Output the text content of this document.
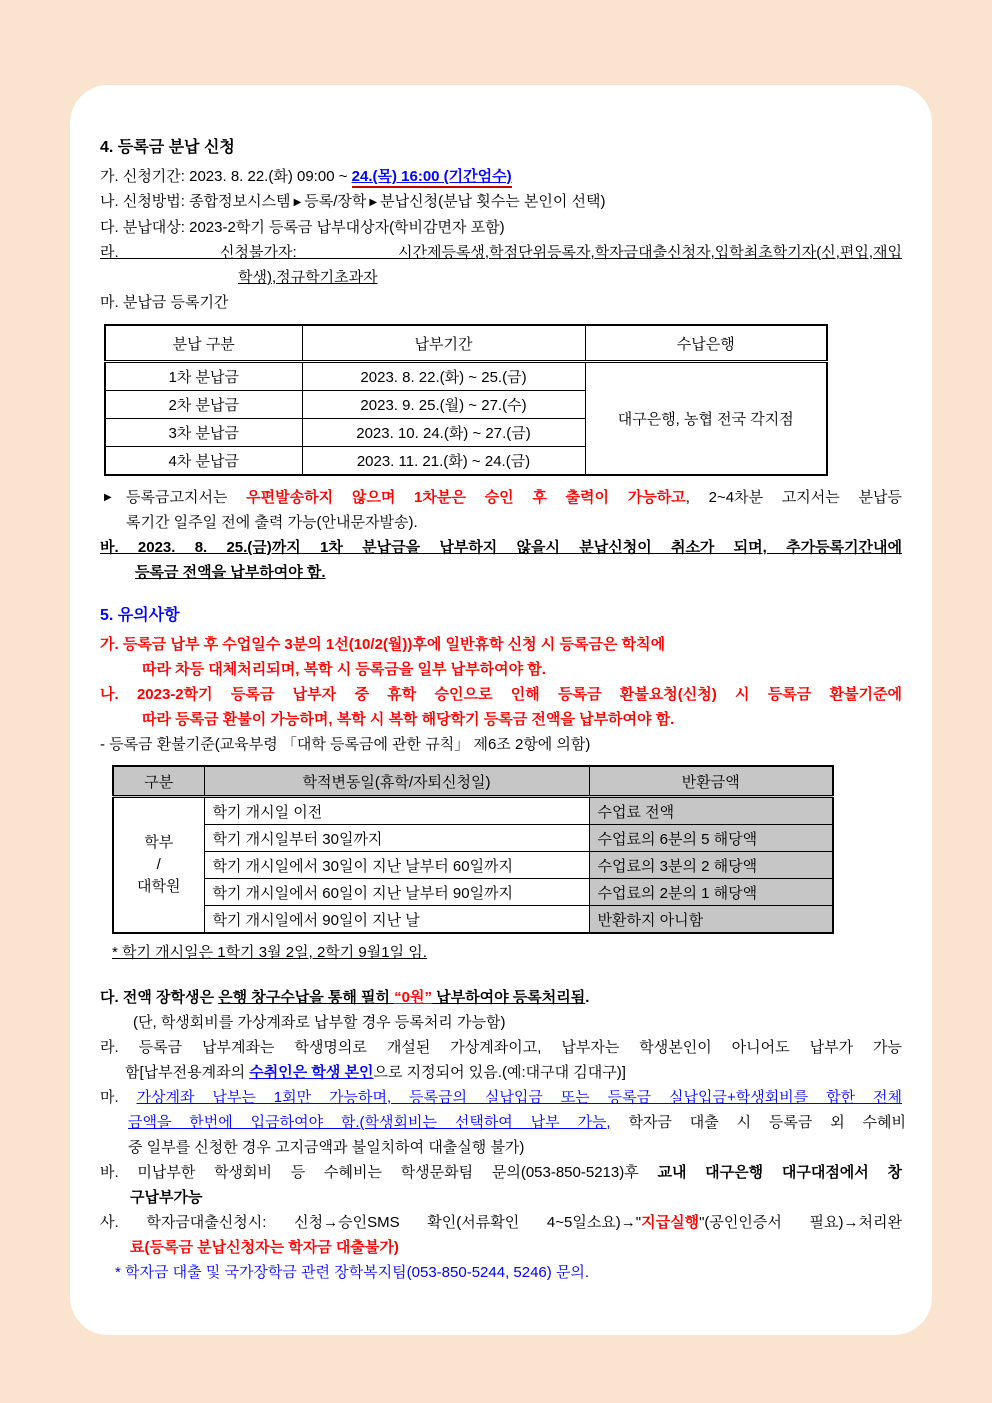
4. 등록금 분납 신청
가. 신청기간: 2023. 8. 22.(화) 09:00 ~ 24.(목) 16:00 (기간엄수)
나. 신청방법: 종합정보시스템 ▶ 등록/장학 ▶ 분납신청(분납 횟수는 본인이 선택)
다. 분납대상: 2023-2학기 등록금 납부대상자(학비감면자 포함)
라. 신청불가자: 시간제등록생,학점단위등록자,학자금대출신청자,입학최초학기자(신,편입,재입
학생),정규학기초과자
마. 분납금 등록기간
분납 구분	납부기간	수납은행
1차 분납금	2023. 8. 22.(화) ~ 25.(금)	대구은행, 농협 전국 각지점
2차 분납금	2023. 9. 25.(월) ~ 27.(수)	
3차 분납금	2023. 10. 24.(화) ~ 27.(금)	
4차 분납금	2023. 11. 21.(화) ~ 24.(금)	
▶ 등록금고지서는 우편발송하지 않으며 1차분은 승인 후 출력이 가능하고, 2~4차분 고지서는 분납등
록기간 일주일 전에 출력 가능(안내문자발송).
바. 2023. 8. 25.(금)까지 1차 분납금을 납부하지 않을시 분납신청이 취소가 되며, 추가등록기간내에
등록금 전액을 납부하여야 함.
5. 유의사항
가. 등록금 납부 후 수업일수 3분의 1선(10/2(월))후에 일반휴학 신청 시 등록금은 학칙에
따라 차등 대체처리되며, 복학 시 등록금을 일부 납부하여야 함.
나. 2023-2학기 등록금 납부자 중 휴학 승인으로 인해 등록금 환불요청(신청) 시 등록금 환불기준에
따라 등록금 환불이 가능하며, 복학 시 복학 해당학기 등록금 전액을 납부하여야 함.
- 등록금 환불기준(교육부령 「대학 등록금에 관한 규칙」 제6조 2항에 의함)
구분	학적변동일(휴학/자퇴신청일)	반환금액

학부
/
대학원	학기 개시일 이전	수업료 전액
	학기 개시일부터 30일까지	수업료의 6분의 5 해당액
	학기 개시일에서 30일이 지난 날부터 60일까지	수업료의 3분의 2 해당액
	학기 개시일에서 60일이 지난 날부터 90일까지	수업료의 2분의 1 해당액
	학기 개시일에서 90일이 지난 날	반환하지 아니함
* 학기 개시일은 1학기 3월 2일, 2학기 9월1일 임.
다. 전액 장학생은 은행 창구수납을 통해 필히 “0원” 납부하여야 등록처리됨.
(단, 학생회비를 가상계좌로 납부할 경우 등록처리 가능함)
라. 등록금 납부계좌는 학생명의로 개설된 가상계좌이고, 납부자는 학생본인이 아니어도 납부가 가능
함[납부전용계좌의 수취인은 학생 본인으로 지정되어 있음.(예:대구대 김대구)]
마. 가상계좌 납부는 1회만 가능하며, 등록금의 실납입금 또는 등록금 실납입금+학생회비를 합한 전체
금액을 한번에 입금하여야 함.(학생회비는 선택하여 납부 가능, 학자금 대출 시 등록금 외 수혜비
중 일부를 신청한 경우 고지금액과 불일치하여 대출실행 불가)
바. 미납부한 학생회비 등 수혜비는 학생문화팀 문의(053-850-5213)후 교내 대구은행 대구대점에서 창
구납부가능
사. 학자금대출신청시: 신청→승인SMS 확인(서류확인 4~5일소요)→"지급실행"(공인인증서 필요)→처리완
료(등록금 분납신청자는 학자금 대출불가)
* 학자금 대출 및 국가장학금 관련 장학복지팀(053-850-5244, 5246) 문의.
